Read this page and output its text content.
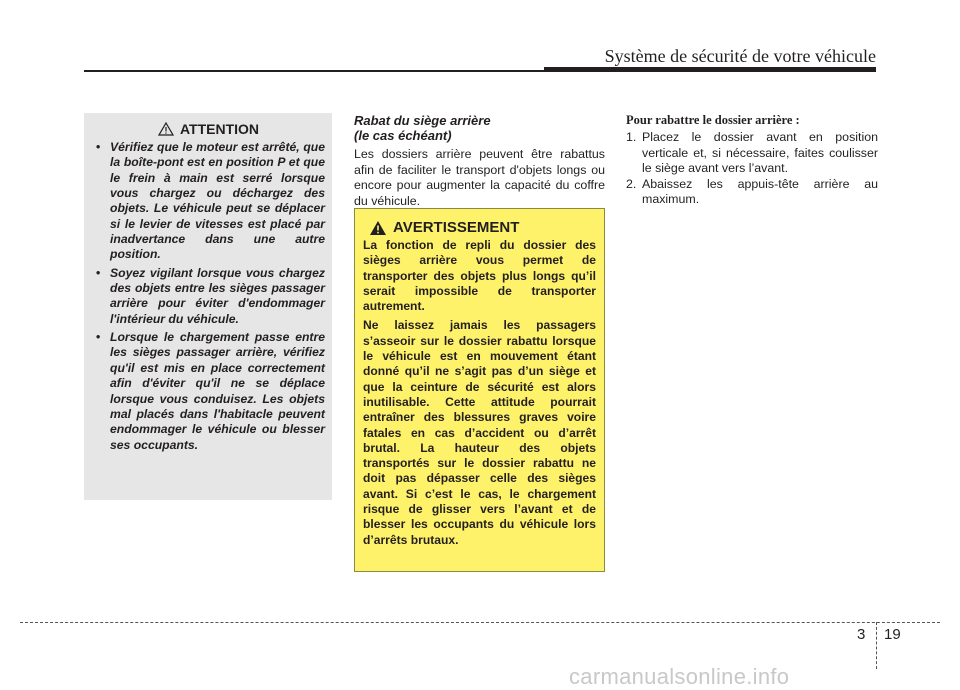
Système de sécurité de votre véhicule
ATTENTION
• Vérifiez que le moteur est arrêté, que la boîte-pont est en position P et que le frein à main est serré lorsque vous chargez ou déchargez des objets. Le véhicule peut se déplacer si le levier de vitesses est placé par inadvertance dans une autre position.
• Soyez vigilant lorsque vous chargez des objets entre les sièges passager arrière pour éviter d'endommager l'intérieur du véhicule.
• Lorsque le chargement passe entre les sièges passager arrière, vérifiez qu'il est mis en place correctement afin d'éviter qu'il ne se déplace lorsque vous conduisez. Les objets mal placés dans l'habitacle peuvent endommager le véhicule ou blesser ses occupants.

Rabat du siège arrière
(le cas échéant)

Les dossiers arrière peuvent être rabattus afin de faciliter le transport d'objets longs ou encore pour augmenter la capacité du coffre du véhicule.
AVERTISSEMENT

La fonction de repli du dossier des sièges arrière vous permet de transporter des objets plus longs qu’il serait impossible de transporter autrement.

Ne laissez jamais les passagers s’asseoir sur le dossier rabattu lorsque le véhicule est en mouvement étant donné qu’il ne s’agit pas d’un siège et que la ceinture de sécurité est alors inutilisable. Cette attitude pourrait entraîner des blessures graves voire fatales en cas d’accident ou d’arrêt brutal. La hauteur des objets transportés sur le dossier rabattu ne doit pas dépasser celle des sièges avant. Si c’est le cas, le chargement risque de glisser vers l’avant et de blesser les occupants du véhicule lors d’arrêts brutaux.

Pour rabattre le dossier arrière :

1. Placez le dossier avant en position verticale et, si nécessaire, faites coulisser le siège avant vers l’avant.
2. Abaissez les appuis-tête arrière au maximum.
3 19
carmanualsonline.info
